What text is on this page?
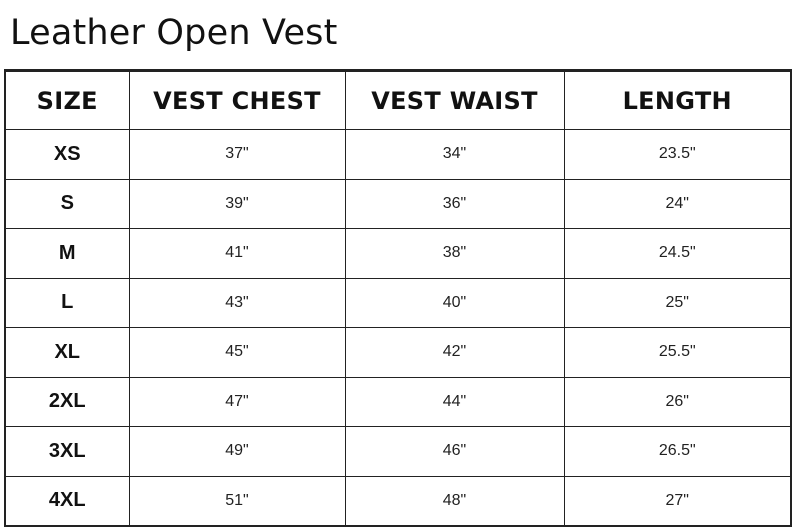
Leather Open Vest
SIZE	VEST CHEST	VEST WAIST	LENGTH
XS	37"	34"	23.5"
S	39"	36"	24"
M	41"	38"	24.5"
L	43"	40"	25"
XL	45"	42"	25.5"
2XL	47"	44"	26"
3XL	49"	46"	26.5"
4XL	51"	48"	27"
